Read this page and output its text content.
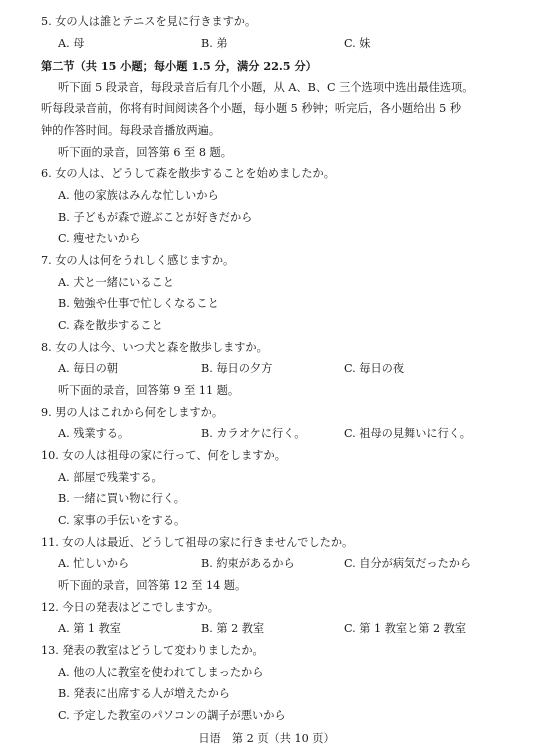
5. 女の人は誰とテニスを見に行きますか。
A. 母	B. 弟	C. 妹
第二节（共 15 小题；每小题 1.5 分，满分 22.5 分）
听下面 5 段录音，每段录音后有几个小题，从 A、B、C 三个选项中选出最佳选项。
听每段录音前，你将有时间阅读各个小题，每小题 5 秒钟；听完后，各小题给出 5 秒
钟的作答时间。每段录音播放两遍。
听下面的录音，回答第 6 至 8 题。
6. 女の人は、どうして森を散歩することを始めましたか。
A. 他の家族はみんな忙しいから
B. 子どもが森で遊ぶことが好きだから
C. 痩せたいから
7. 女の人は何をうれしく感じますか。
A. 犬と一緒にいること
B. 勉強や仕事で忙しくなること
C. 森を散歩すること
8. 女の人は今、いつ犬と森を散歩しますか。
A. 毎日の朝	B. 毎日の夕方	C. 毎日の夜
听下面的录音，回答第 9 至 11 题。
9. 男の人はこれから何をしますか。
A. 残業する。	B. カラオケに行く。	C. 祖母の見舞いに行く。
10. 女の人は祖母の家に行って、何をしますか。
A. 部屋で残業する。
B. 一緒に買い物に行く。
C. 家事の手伝いをする。
11. 女の人は最近、どうして祖母の家に行きませんでしたか。
A. 忙しいから	B. 約束があるから	C. 自分が病気だったから
听下面的录音，回答第 12 至 14 题。
12. 今日の発表はどこでしますか。
A. 第 1 教室	B. 第 2 教室	C. 第 1 教室と第 2 教室
13. 発表の教室はどうして変わりましたか。
A. 他の人に教室を使われてしまったから
B. 発表に出席する人が増えたから
C. 予定した教室のパソコンの調子が悪いから
日语　第 2 页（共 10 页）
